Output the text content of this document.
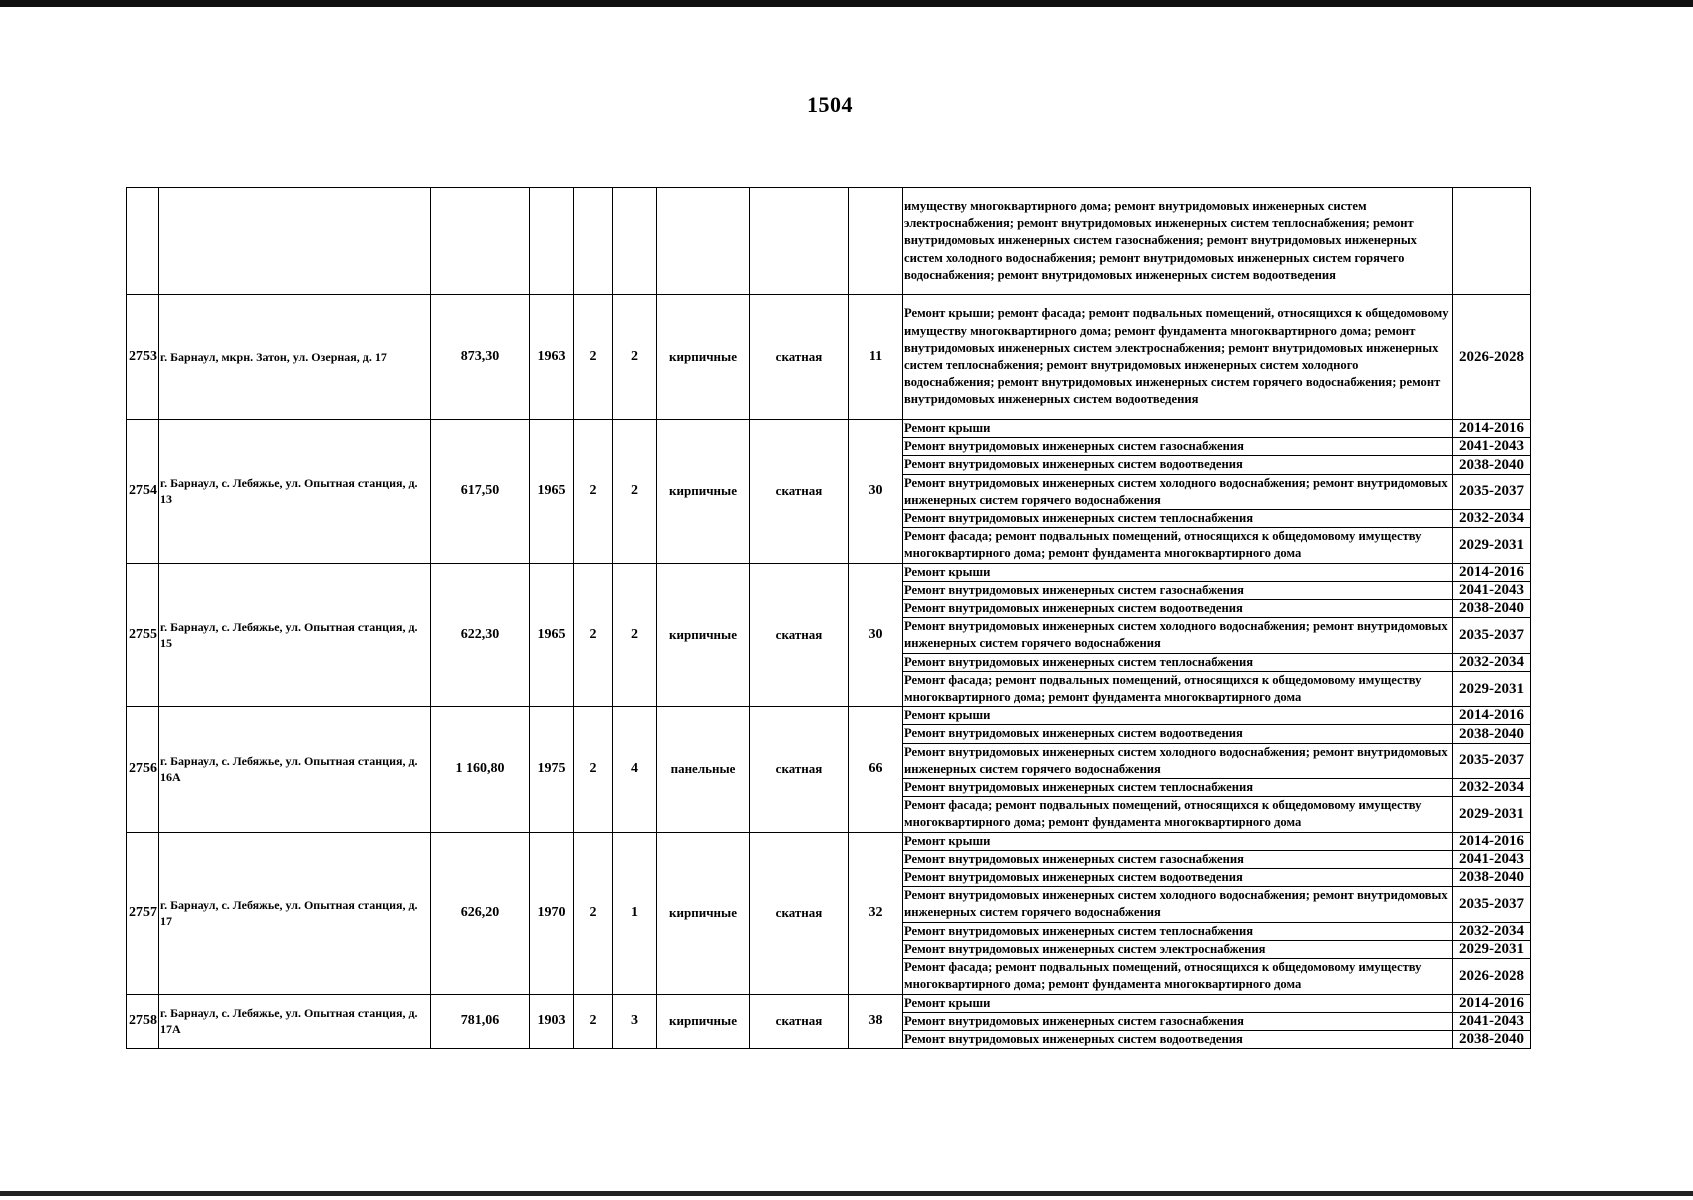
1504
									имуществу многоквартирного дома; ремонт внутридомовых инженерных систем электроснабжения; ремонт внутридомовых инженерных систем теплоснабжения; ремонт внутридомовых инженерных систем газоснабжения; ремонт внутридомовых инженерных систем холодного водоснабжения; ремонт внутридомовых инженерных систем горячего водоснабжения; ремонт внутридомовых инженерных систем водоотведения	
2753	г. Барнаул, мкрн. Затон, ул. Озерная, д. 17	873,30	1963	2	2	кирпичные	скатная	11	Ремонт крыши; ремонт фасада; ремонт подвальных помещений, относящихся к общедомовому имуществу многоквартирного дома; ремонт фундамента многоквартирного дома; ремонт внутридомовых инженерных систем электроснабжения; ремонт внутридомовых инженерных систем теплоснабжения; ремонт внутридомовых инженерных систем холодного водоснабжения; ремонт внутридомовых инженерных систем горячего водоснабжения; ремонт внутридомовых инженерных систем водоотведения	2026-2028
2754	г. Барнаул, с. Лебяжье, ул. Опытная станция, д. 13	617,50	1965	2	2	кирпичные	скатная	30	Ремонт крыши	2014-2016
									Ремонт внутридомовых инженерных систем газоснабжения	2041-2043
									Ремонт внутридомовых инженерных систем водоотведения	2038-2040
									Ремонт внутридомовых инженерных систем холодного водоснабжения; ремонт внутридомовых инженерных систем горячего водоснабжения	2035-2037
									Ремонт внутридомовых инженерных систем теплоснабжения	2032-2034
									Ремонт фасада; ремонт подвальных помещений, относящихся к общедомовому имуществу многоквартирного дома; ремонт фундамента многоквартирного дома	2029-2031
2755	г. Барнаул, с. Лебяжье, ул. Опытная станция, д. 15	622,30	1965	2	2	кирпичные	скатная	30	Ремонт крыши	2014-2016
									Ремонт внутридомовых инженерных систем газоснабжения	2041-2043
									Ремонт внутридомовых инженерных систем водоотведения	2038-2040
									Ремонт внутридомовых инженерных систем холодного водоснабжения; ремонт внутридомовых инженерных систем горячего водоснабжения	2035-2037
									Ремонт внутридомовых инженерных систем теплоснабжения	2032-2034
									Ремонт фасада; ремонт подвальных помещений, относящихся к общедомовому имуществу многоквартирного дома; ремонт фундамента многоквартирного дома	2029-2031
2756	г. Барнаул, с. Лебяжье, ул. Опытная станция, д. 16А	1 160,80	1975	2	4	панельные	скатная	66	Ремонт крыши	2014-2016
									Ремонт внутридомовых инженерных систем водоотведения	2038-2040
									Ремонт внутридомовых инженерных систем холодного водоснабжения; ремонт внутридомовых инженерных систем горячего водоснабжения	2035-2037
									Ремонт внутридомовых инженерных систем теплоснабжения	2032-2034
									Ремонт фасада; ремонт подвальных помещений, относящихся к общедомовому имуществу многоквартирного дома; ремонт фундамента многоквартирного дома	2029-2031
2757	г. Барнаул, с. Лебяжье, ул. Опытная станция, д. 17	626,20	1970	2	1	кирпичные	скатная	32	Ремонт крыши	2014-2016
									Ремонт внутридомовых инженерных систем газоснабжения	2041-2043
									Ремонт внутридомовых инженерных систем водоотведения	2038-2040
									Ремонт внутридомовых инженерных систем холодного водоснабжения; ремонт внутридомовых инженерных систем горячего водоснабжения	2035-2037
									Ремонт внутридомовых инженерных систем теплоснабжения	2032-2034
									Ремонт внутридомовых инженерных систем электроснабжения	2029-2031
									Ремонт фасада; ремонт подвальных помещений, относящихся к общедомовому имуществу многоквартирного дома; ремонт фундамента многоквартирного дома	2026-2028
2758	г. Барнаул, с. Лебяжье, ул. Опытная станция, д. 17А	781,06	1903	2	3	кирпичные	скатная	38	Ремонт крыши	2014-2016
									Ремонт внутридомовых инженерных систем газоснабжения	2041-2043
									Ремонт внутридомовых инженерных систем водоотведения	2038-2040
